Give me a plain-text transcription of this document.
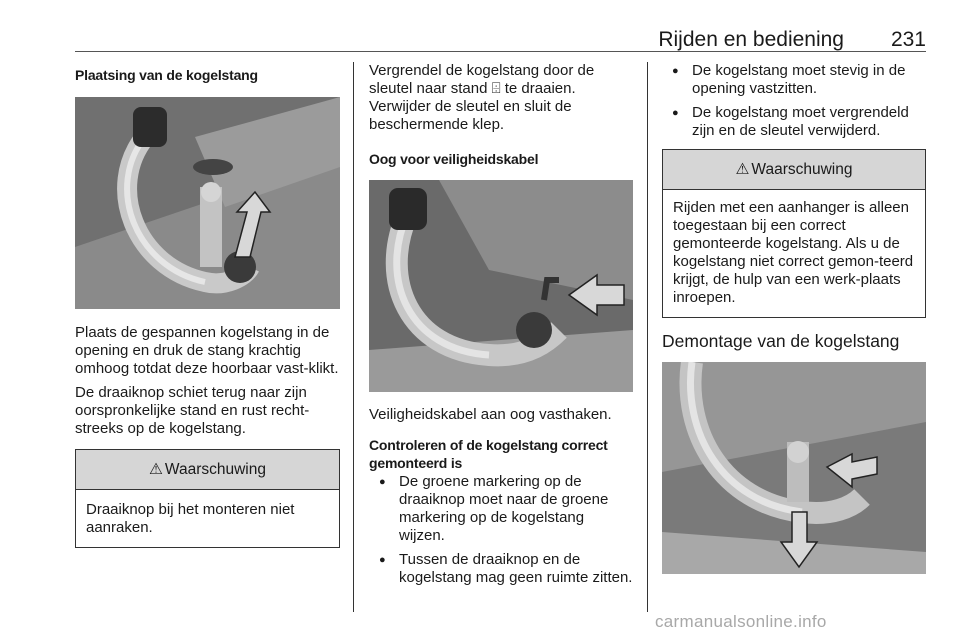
Rijden en bediening 231
Plaatsing van de kogelstang

Plaats de gespannen kogelstang in de opening en druk de stang krachtig omhoog totdat deze hoorbaar vast-klikt.

De draaiknop schiet terug naar zijn oorspronkelijke stand en rust recht-streeks op de kogelstang.

⚠ Waarschuwing
Draaiknop bij het monteren niet aanraken.

Vergrendel de kogelstang door de sleutel naar stand ⌹ te draaien. Verwijder de sleutel en sluit de beschermende klep.

Oog voor veiligheidskabel

Veiligheidskabel aan oog vasthaken.

Controleren of de kogelstang correct gemonteerd is
● De groene markering op de draaiknop moet naar de groene markering op de kogelstang wijzen.
● Tussen de draaiknop en de kogelstang mag geen ruimte zitten.
● De kogelstang moet stevig in de opening vastzitten.
● De kogelstang moet vergrendeld zijn en de sleutel verwijderd.
⚠ Waarschuwing
Rijden met een aanhanger is alleen toegestaan bij een correct gemonteerde kogelstang. Als u de kogelstang niet correct gemon-teerd krijgt, de hulp van een werk-plaats inroepen.
Demontage van de kogelstang
carmanualsonline.info
